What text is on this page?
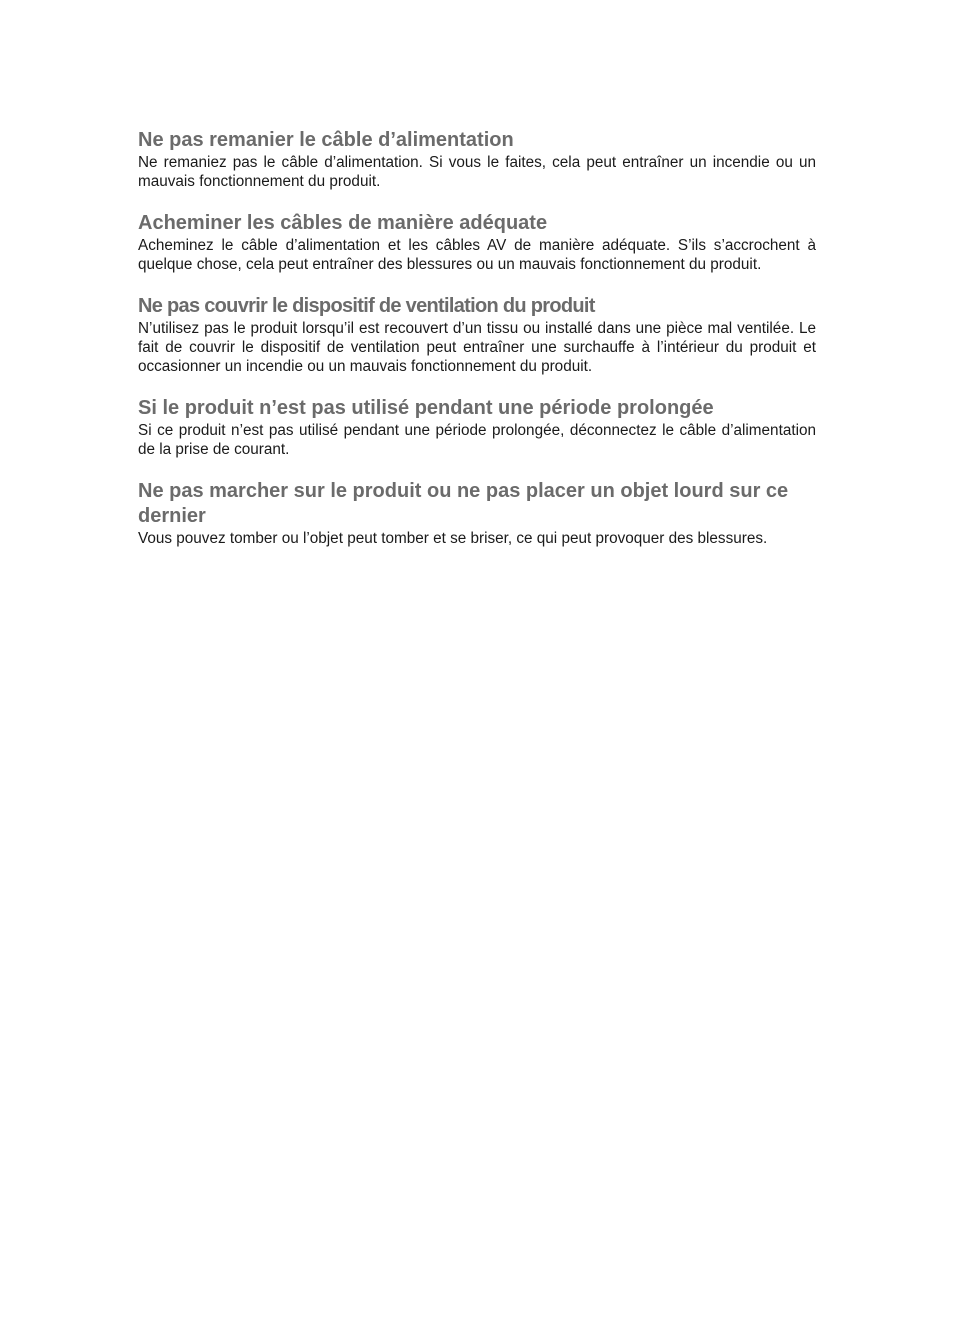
Ne pas remanier le câble d’alimentation

Ne remaniez pas le câble d’alimentation. Si vous le faites, cela peut entraîner un incendie ou un mauvais fonctionnement du produit.

Acheminer les câbles de manière adéquate

Acheminez le câble d’alimentation et les câbles AV de manière adéquate. S’ils s’accrochent à quelque chose, cela peut entraîner des blessures ou un mauvais fonctionnement du produit.

Ne pas couvrir le dispositif de ventilation du produit

N’utilisez pas le produit lorsqu’il est recouvert d’un tissu ou installé dans une pièce mal ventilée. Le fait de couvrir le dispositif de ventilation peut entraîner une surchauffe à l’intérieur du produit et occasionner un incendie ou un mauvais fonctionnement du produit.

Si le produit n’est pas utilisé pendant une période prolongée

Si ce produit n’est pas utilisé pendant une période prolongée, déconnectez le câble d’alimentation de la prise de courant.

Ne pas marcher sur le produit ou ne pas placer un objet lourd sur ce dernier

Vous pouvez tomber ou l’objet peut tomber et se briser, ce qui peut provoquer des blessures.
